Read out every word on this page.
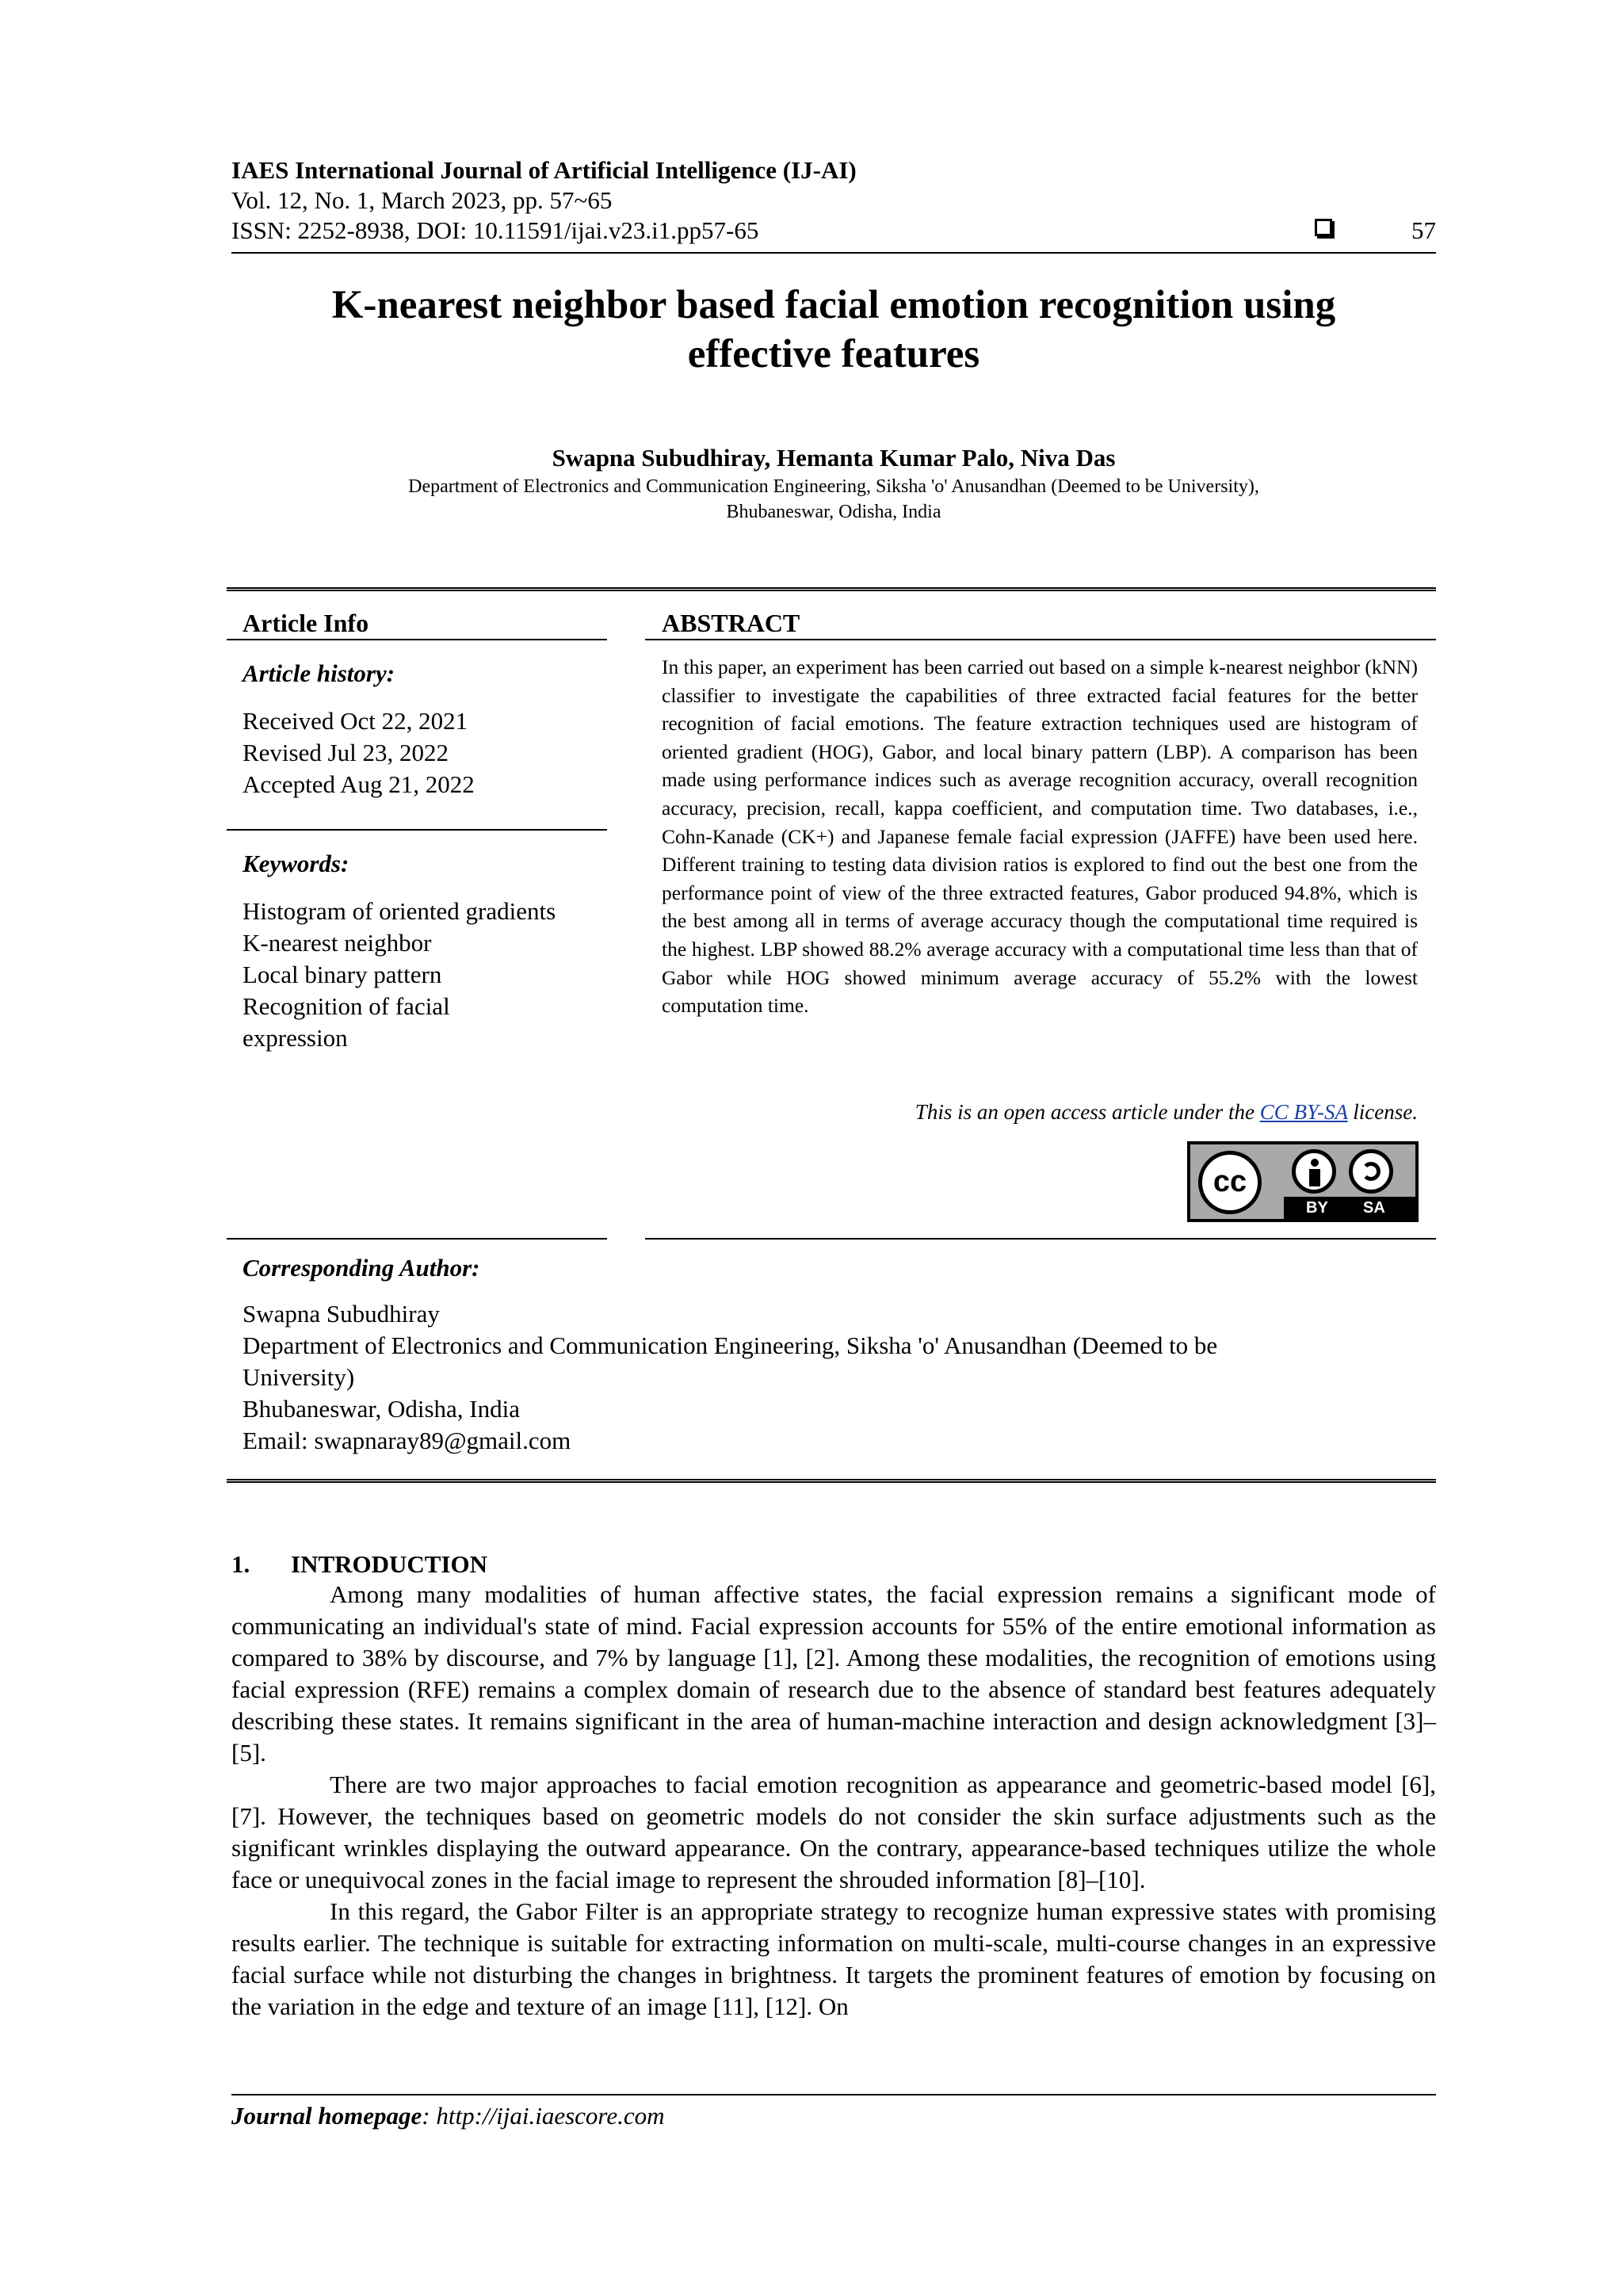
IAES International Journal of Artificial Intelligence (IJ-AI)
Vol. 12, No. 1, March 2023, pp. 57~65
ISSN: 2252-8938, DOI: 10.11591/ijai.v23.i1.pp57-65	57
K-nearest neighbor based facial emotion recognition using
effective features
Swapna Subudhiray, Hemanta Kumar Palo, Niva Das
Department of Electronics and Communication Engineering, Siksha 'o' Anusandhan (Deemed to be University),
Bhubaneswar, Odisha, India
Article Info
Article history:
Received Oct 22, 2021
Revised Jul 23, 2022
Accepted Aug 21, 2022
Keywords:
Histogram of oriented gradients
K-nearest neighbor
Local binary pattern
Recognition of facial
expression
ABSTRACT
In this paper, an experiment has been carried out based on a simple k-nearest neighbor (kNN) classifier to investigate the capabilities of three extracted facial features for the better recognition of facial emotions. The feature extraction techniques used are histogram of oriented gradient (HOG), Gabor, and local binary pattern (LBP). A comparison has been made using performance indices such as average recognition accuracy, overall recognition accuracy, precision, recall, kappa coefficient, and computation time. Two databases, i.e., Cohn-Kanade (CK+) and Japanese female facial expression (JAFFE) have been used here. Different training to testing data division ratios is explored to find out the best one from the performance point of view of the three extracted features, Gabor produced 94.8%, which is the best among all in terms of average accuracy though the computational time required is the highest. LBP showed 88.2% average accuracy with a computational time less than that of Gabor while HOG showed minimum average accuracy of 55.2% with the lowest computation time.
This is an open access article under the CC BY-SA license.
cc
BY SA
Corresponding Author:
Swapna Subudhiray
Department of Electronics and Communication Engineering, Siksha 'o' Anusandhan (Deemed to be
University)
Bhubaneswar, Odisha, India
Email: swapnaray89@gmail.com
1. INTRODUCTION

Among many modalities of human affective states, the facial expression remains a significant mode of communicating an individual's state of mind. Facial expression accounts for 55% of the entire emotional information as compared to 38% by discourse, and 7% by language [1], [2]. Among these modalities, the recognition of emotions using facial expression (RFE) remains a complex domain of research due to the absence of standard best features adequately describing these states. It remains significant in the area of human-machine interaction and design acknowledgment [3]–[5].

There are two major approaches to facial emotion recognition as appearance and geometric-based model [6], [7]. However, the techniques based on geometric models do not consider the skin surface adjustments such as the significant wrinkles displaying the outward appearance. On the contrary, appearance-based techniques utilize the whole face or unequivocal zones in the facial image to represent the shrouded information [8]–[10].

In this regard, the Gabor Filter is an appropriate strategy to recognize human expressive states with promising results earlier. The technique is suitable for extracting information on multi-scale, multi-course changes in an expressive facial surface while not disturbing the changes in brightness. It targets the prominent features of emotion by focusing on the variation in the edge and texture of an image [11], [12]. On

Journal homepage: http://ijai.iaescore.com
